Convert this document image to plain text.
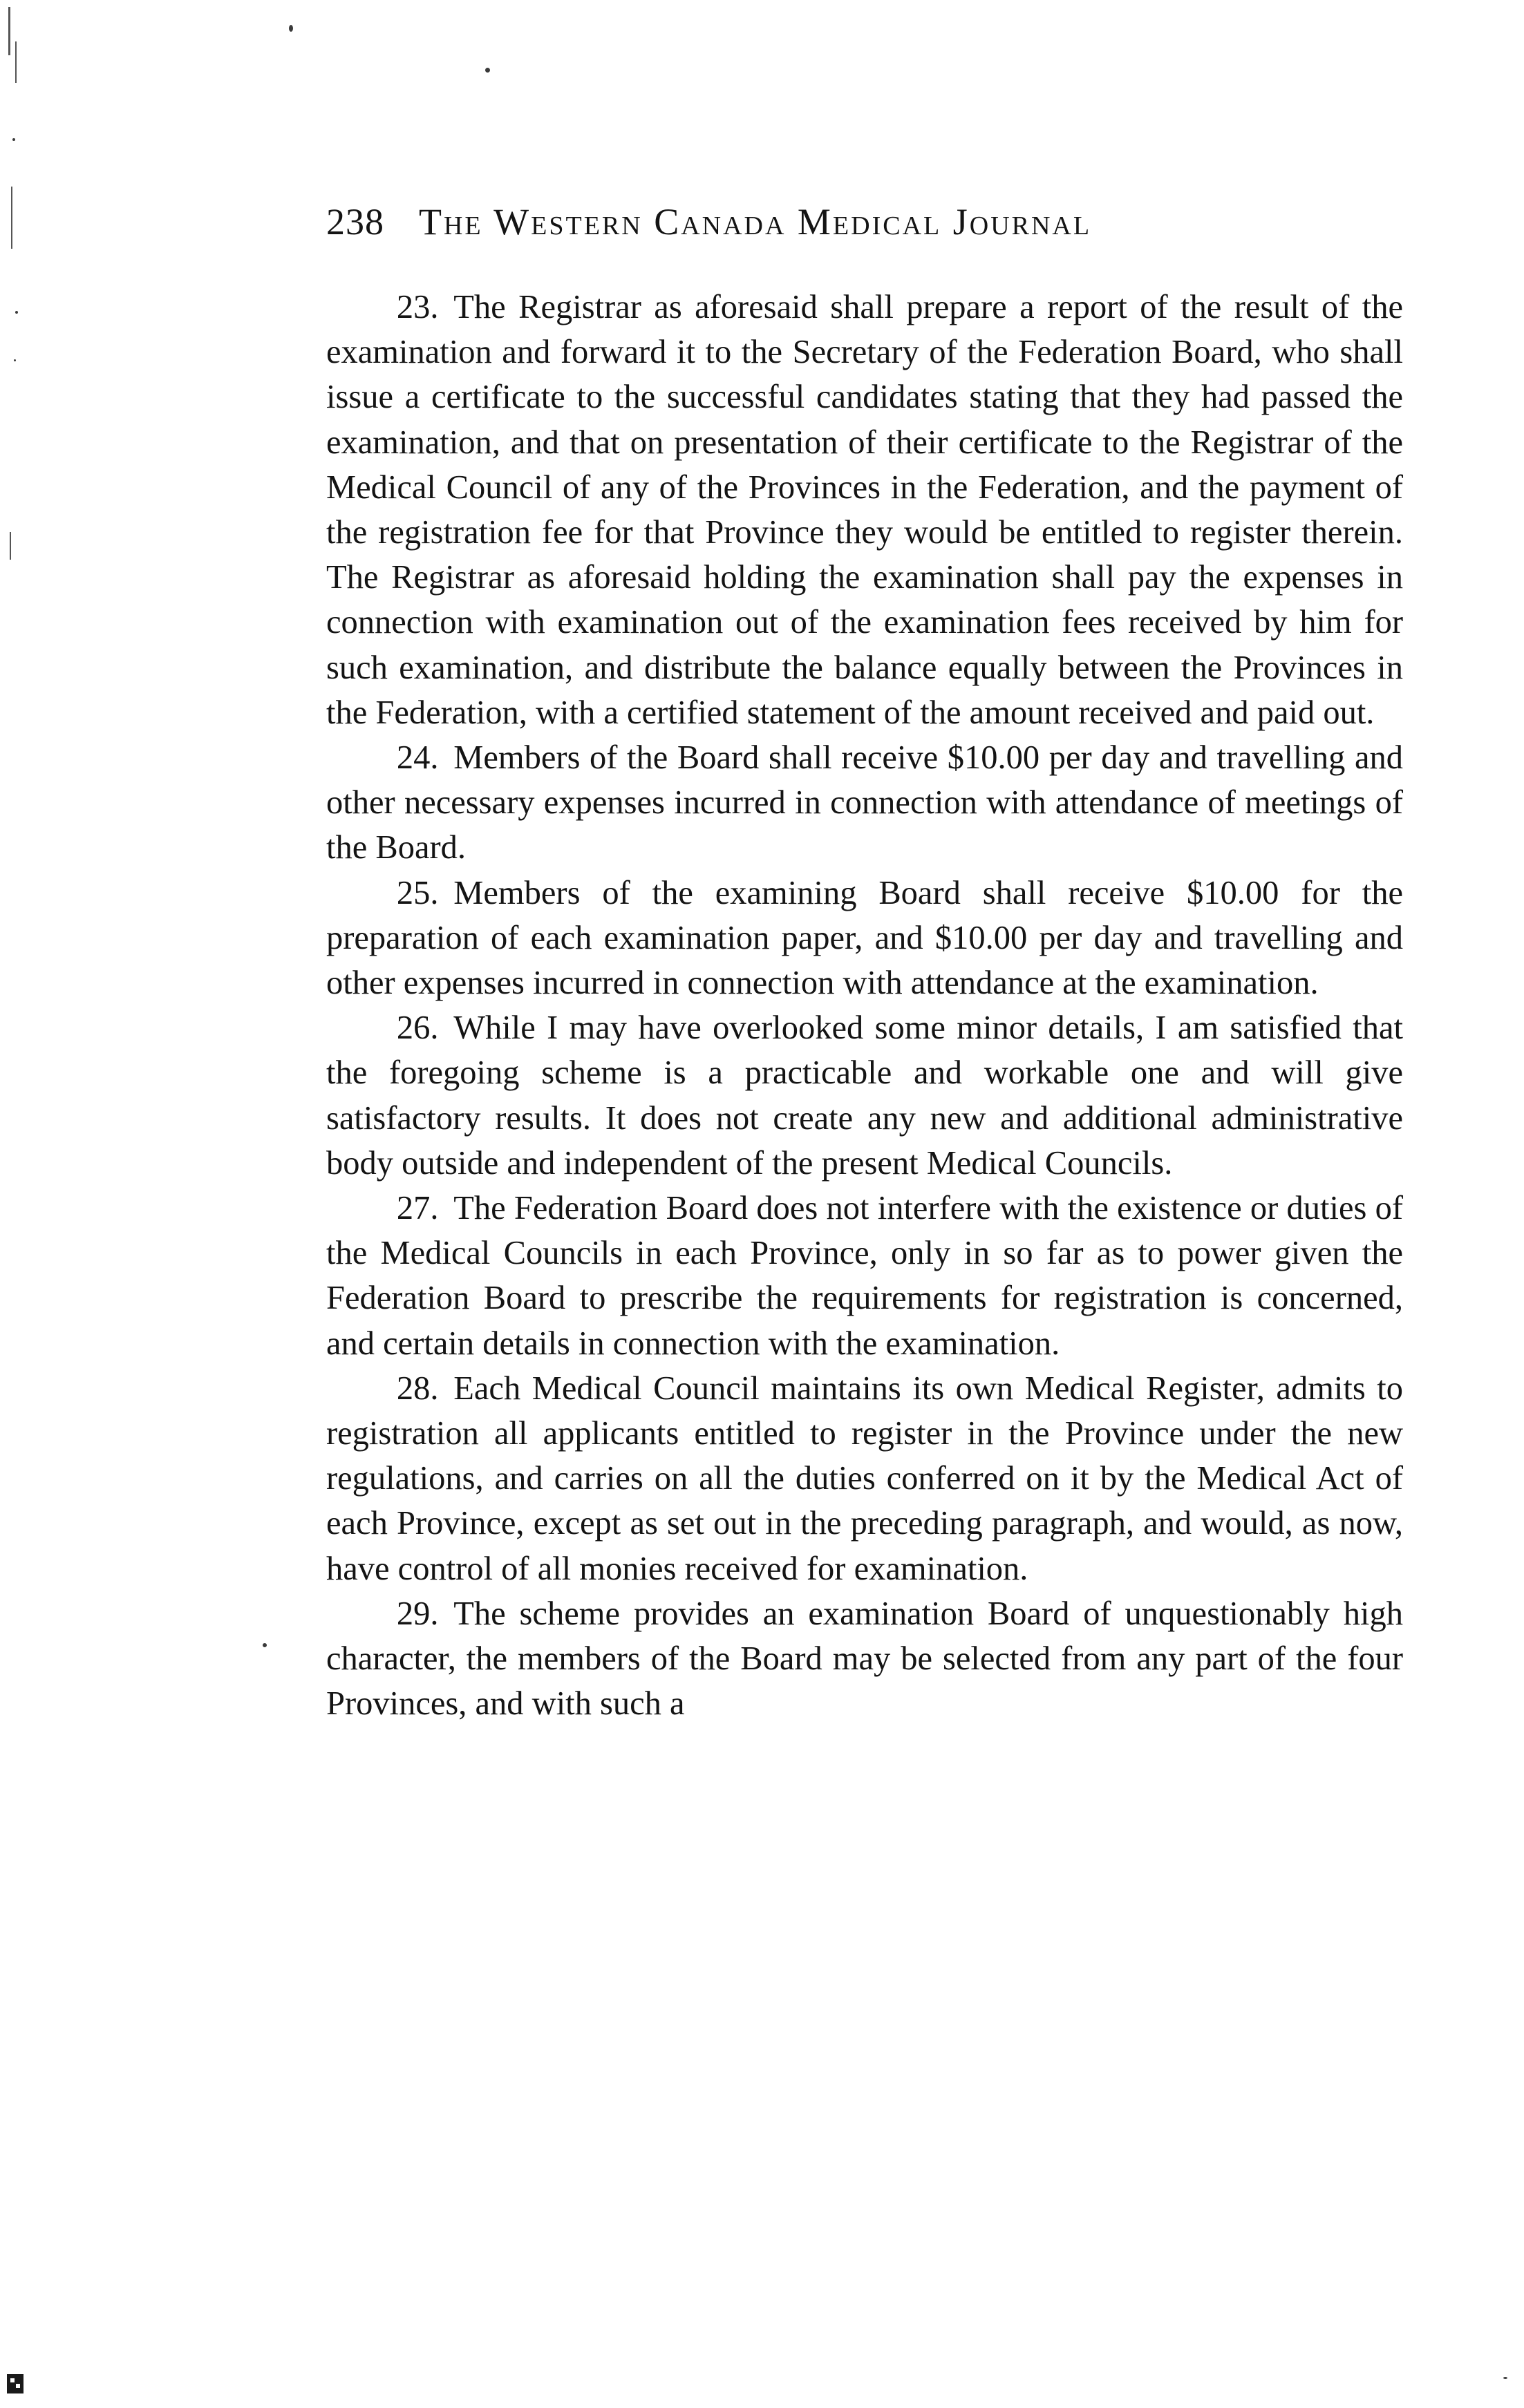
238 The Western Canada Medical Journal

23. The Registrar as aforesaid shall prepare a report of the result of the examination and forward it to the Secretary of the Federation Board, who shall issue a certificate to the successful candidates stating that they had passed the examination, and that on presentation of their certificate to the Registrar of the Medical Council of any of the Provinces in the Federation, and the payment of the registration fee for that Province they would be entitled to register therein. The Registrar as aforesaid holding the examination shall pay the expenses in connection with examination out of the examination fees received by him for such examination, and distribute the balance equally between the Provinces in the Federation, with a certified statement of the amount received and paid out.

24. Members of the Board shall receive $10.00 per day and travelling and other necessary expenses incurred in connection with attendance of meetings of the Board.

25. Members of the examining Board shall receive $10.00 for the preparation of each examination paper, and $10.00 per day and travelling and other expenses incurred in connection with attendance at the examination.

26. While I may have overlooked some minor details, I am satisfied that the foregoing scheme is a practicable and workable one and will give satisfactory results. It does not create any new and additional administrative body outside and independent of the present Medical Councils.

27. The Federation Board does not interfere with the existence or duties of the Medical Councils in each Province, only in so far as to power given the Federation Board to prescribe the requirements for registration is concerned, and certain details in connection with the examination.

28. Each Medical Council maintains its own Medical Register, admits to registration all applicants entitled to register in the Province under the new regulations, and carries on all the duties conferred on it by the Medical Act of each Province, except as set out in the preceding paragraph, and would, as now, have control of all monies received for examination.

29. The scheme provides an examination Board of unquestionably high character, the members of the Board may be selected from any part of the four Provinces, and with such a
